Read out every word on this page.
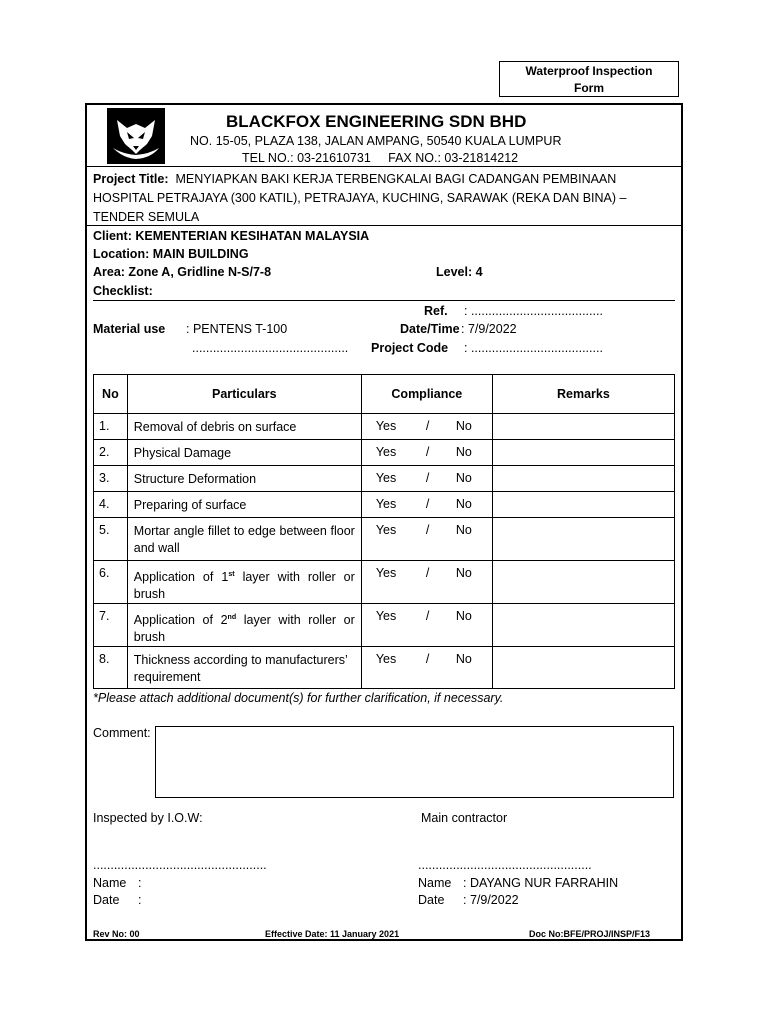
Waterproof Inspection
Form
BLACKFOX ENGINEERING SDN BHD
NO. 15-05, PLAZA 138, JALAN AMPANG, 50540 KUALA LUMPUR
TEL NO.: 03-21610731     FAX NO.: 03-21814212
Project Title: MENYIAPKAN BAKI KERJA TERBENGKALAI BAGI CADANGAN PEMBINAAN
HOSPITAL PETRAJAYA (300 KATIL), PETRAJAYA, KUCHING, SARAWAK (REKA DAN BINA) –
TENDER SEMULA
Client: KEMENTERIAN KESIHATAN MALAYSIA
Location: MAIN BUILDING
Area: Zone A, Gridline N-S/7-8	Level: 4
Checklist:
Ref. : ......................................
Material use : PENTENS T-100	Date/Time : 7/9/2022
............................................. Project Code : ......................................
No	Particulars	Compliance	Remarks
1.	Removal of debris on surface	Yes / No	
2.	Physical Damage	Yes / No	
3.	Structure Deformation	Yes / No	
4.	Preparing of surface	Yes / No	
5.	Mortar angle fillet to edge between floor and wall	Yes / No	
6.	Application of 1st layer with roller or brush	Yes / No	
7.	Application of 2nd layer with roller or brush	Yes / No	
8.	Thickness according to manufacturers’ requirement	Yes / No	
*Please attach additional document(s) for further clarification, if necessary.
Comment:
Inspected by I.O.W:	Main contractor
..................................................	..................................................
Name :
Date :
Name : DAYANG NUR FARRAHIN
Date : 7/9/2022
Rev No: 00	Effective Date: 11 January 2021	Doc No:BFE/PROJ/INSP/F13
